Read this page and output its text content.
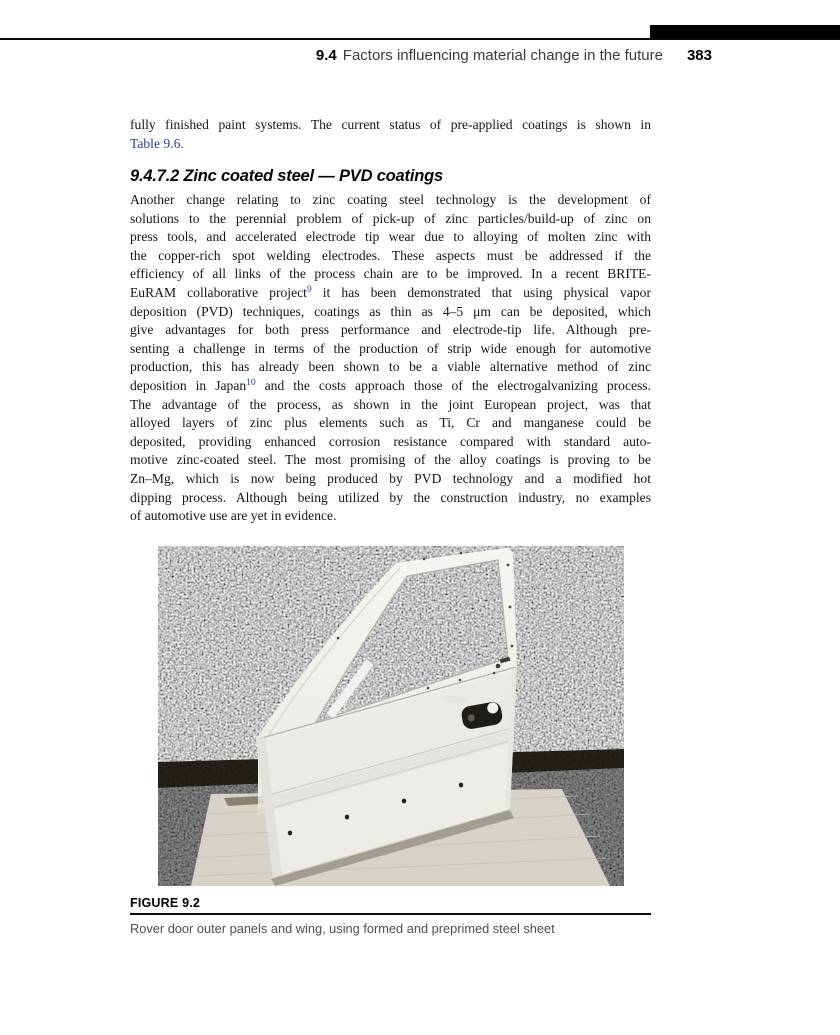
9.4 Factors influencing material change in the future 383
fully finished paint systems. The current status of pre-applied coatings is shown in
Table 9.6.
9.4.7.2 Zinc coated steel — PVD coatings
Another change relating to zinc coating steel technology is the development of
solutions to the perennial problem of pick-up of zinc particles/build-up of zinc on
press tools, and accelerated electrode tip wear due to alloying of molten zinc with
the copper-rich spot welding electrodes. These aspects must be addressed if the
efficiency of all links of the process chain are to be improved. In a recent BRITE-
EuRAM collaborative project$^9$ it has been demonstrated that using physical vapor
deposition (PVD) techniques, coatings as thin as 4–5 μm can be deposited, which
give advantages for both press performance and electrode-tip life. Although pre-
senting a challenge in terms of the production of strip wide enough for automotive
production, this has already been shown to be a viable alternative method of zinc
deposition in Japan$^{10}$ and the costs approach those of the electrogalvanizing process.
The advantage of the process, as shown in the joint European project, was that
alloyed layers of zinc plus elements such as Ti, Cr and manganese could be
deposited, providing enhanced corrosion resistance compared with standard auto-
motive zinc-coated steel. The most promising of the alloy coatings is proving to be
Zn–Mg, which is now being produced by PVD technology and a modified hot
dipping process. Although being utilized by the construction industry, no examples
of automotive use are yet in evidence.
FIGURE 9.2
Rover door outer panels and wing, using formed and preprimed steel sheet
